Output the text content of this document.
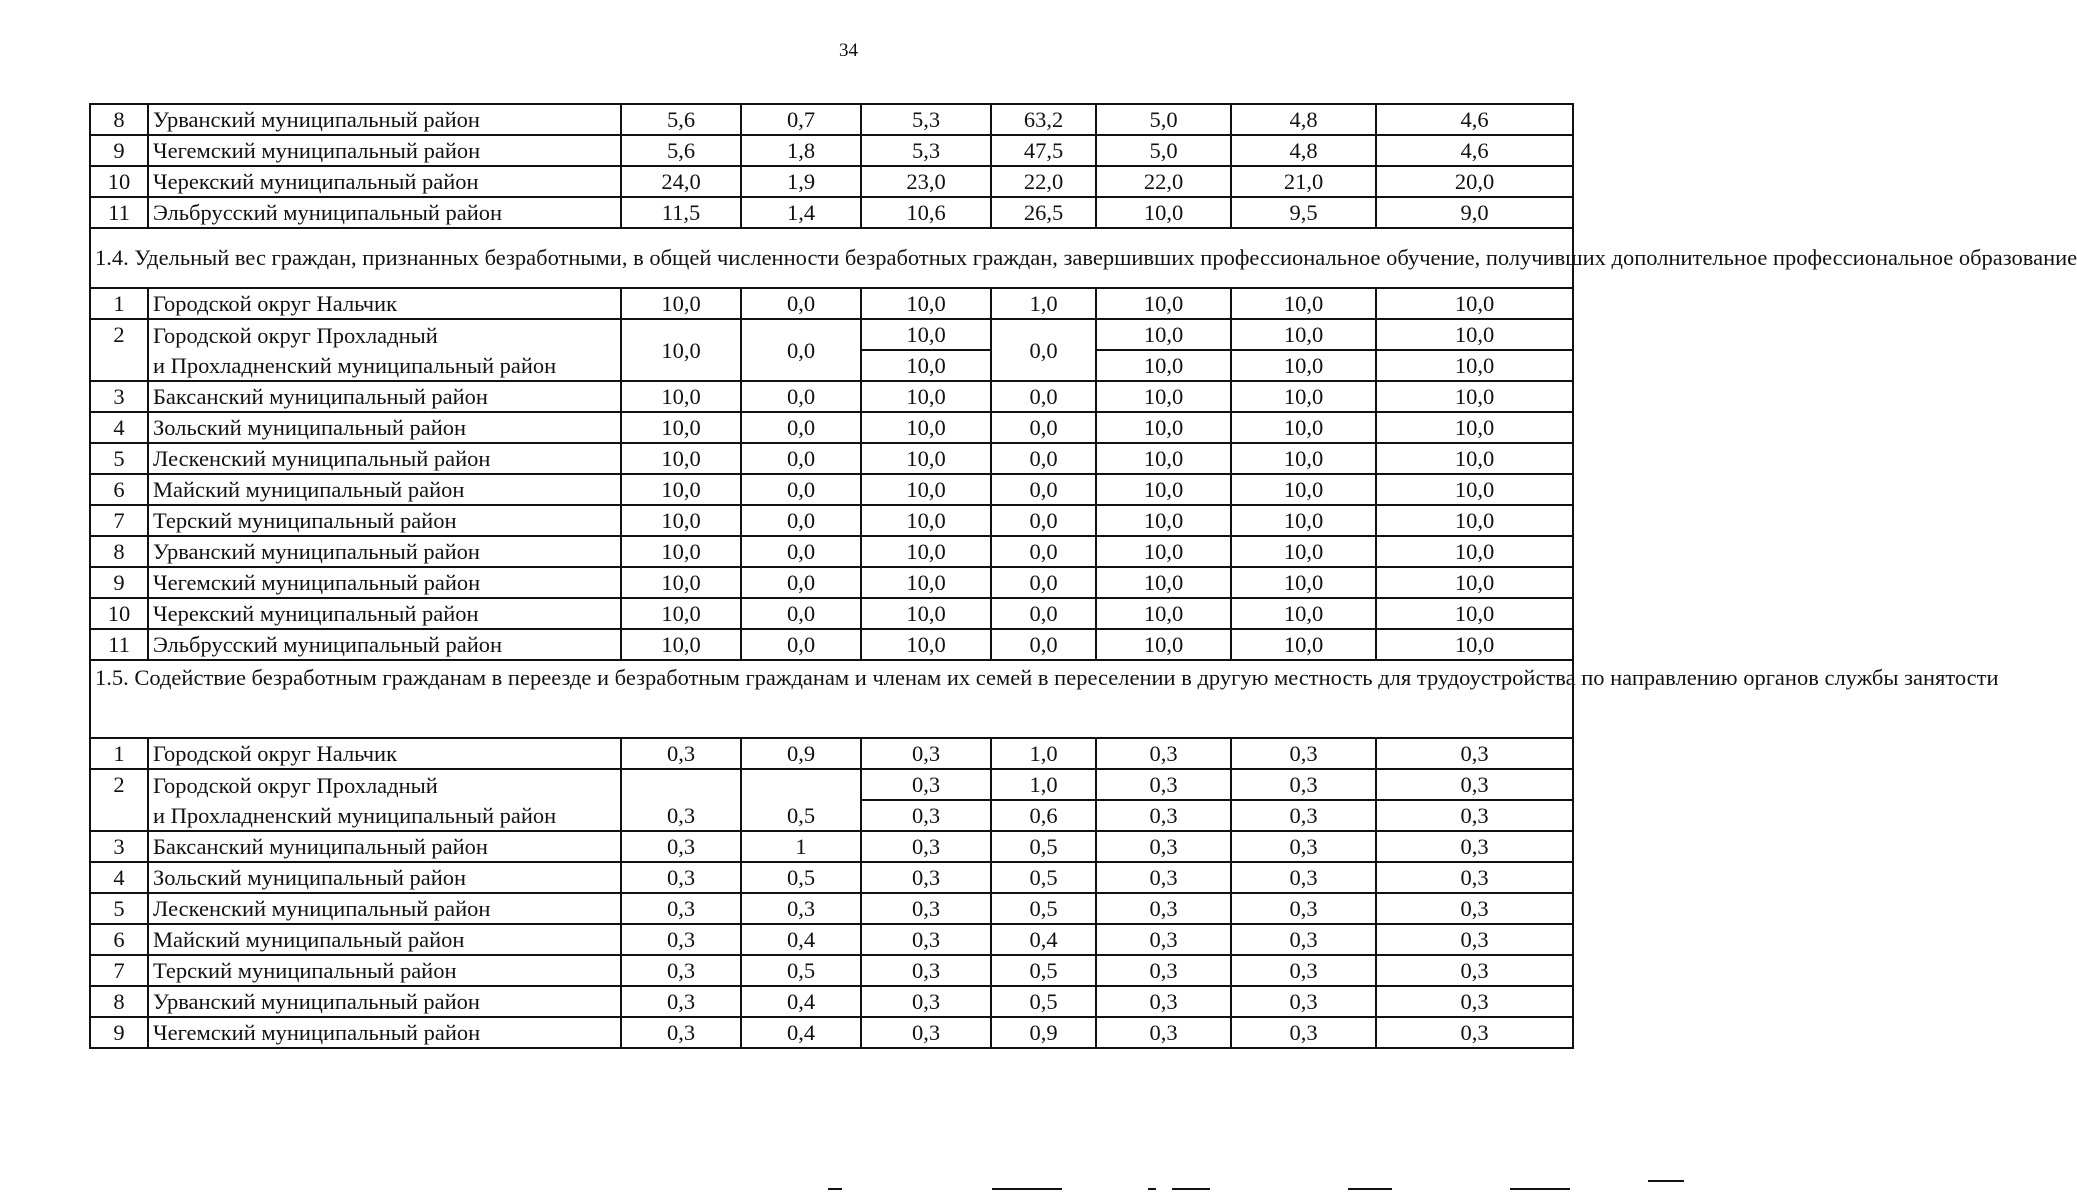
34
8	Урванский муниципальный район	5,6	0,7	5,3	63,2	5,0	4,8	4,6
9	Чегемский муниципальный район	5,6	1,8	5,3	47,5	5,0	4,8	4,6
10	Черекский муниципальный район	24,0	1,9	23,0	22,0	22,0	21,0	20,0
11	Эльбрусский муниципальный район	11,5	1,4	10,6	26,5	10,0	9,5	9,0
1.4. Удельный вес граждан, признанных безработными, в общей численности безработных граждан, завершивших профессиональное обучение, получивших дополнительное профессиональное образование								
1	Городской округ Нальчик	10,0	0,0	10,0	1,0	10,0	10,0	10,0
2	Городской округ Прохладный	10,0	0,0	10,0	0,0	10,0	10,0	10,0
	и Прохладненский муниципальный район			10,0		10,0	10,0	10,0
3	Баксанский муниципальный район	10,0	0,0	10,0	0,0	10,0	10,0	10,0
4	Зольский муниципальный район	10,0	0,0	10,0	0,0	10,0	10,0	10,0
5	Лескенский муниципальный район	10,0	0,0	10,0	0,0	10,0	10,0	10,0
6	Майский муниципальный район	10,0	0,0	10,0	0,0	10,0	10,0	10,0
7	Терский муниципальный район	10,0	0,0	10,0	0,0	10,0	10,0	10,0
8	Урванский муниципальный район	10,0	0,0	10,0	0,0	10,0	10,0	10,0
9	Чегемский муниципальный район	10,0	0,0	10,0	0,0	10,0	10,0	10,0
10	Черекский муниципальный район	10,0	0,0	10,0	0,0	10,0	10,0	10,0
11	Эльбрусский муниципальный район	10,0	0,0	10,0	0,0	10,0	10,0	10,0
1.5. Содействие безработным гражданам в переезде и безработным гражданам и членам их семей в переселении в другую местность для трудоустройства по направлению органов службы занятости								
1	Городской округ Нальчик	0,3	0,9	0,3	1,0	0,3	0,3	0,3
2	Городской округ Прохладный	0,3	0,5	0,3	1,0	0,3	0,3	0,3
	и Прохладненский муниципальный район			0,3	0,6	0,3	0,3	0,3
3	Баксанский муниципальный район	0,3	1	0,3	0,5	0,3	0,3	0,3
4	Зольский муниципальный район	0,3	0,5	0,3	0,5	0,3	0,3	0,3
5	Лескенский муниципальный район	0,3	0,3	0,3	0,5	0,3	0,3	0,3
6	Майский муниципальный район	0,3	0,4	0,3	0,4	0,3	0,3	0,3
7	Терский муниципальный район	0,3	0,5	0,3	0,5	0,3	0,3	0,3
8	Урванский муниципальный район	0,3	0,4	0,3	0,5	0,3	0,3	0,3
9	Чегемский муниципальный район	0,3	0,4	0,3	0,9	0,3	0,3	0,3
